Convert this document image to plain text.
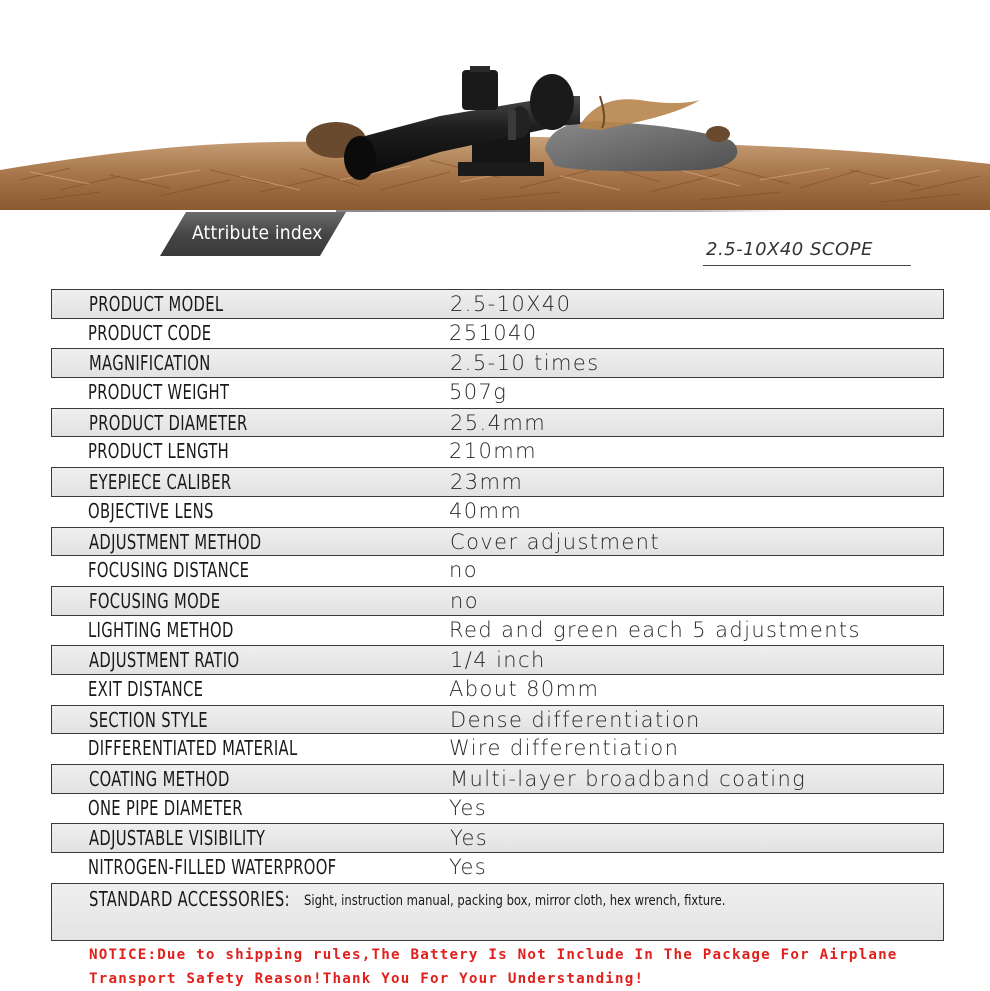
Attribute index
2.5-10X40 SCOPE
PRODUCT MODEL	2.5-10X40
PRODUCT CODE	251040
MAGNIFICATION	2.5-10 times
PRODUCT WEIGHT	507g
PRODUCT DIAMETER	25.4mm
PRODUCT LENGTH	210mm
EYEPIECE CALIBER	23mm
OBJECTIVE LENS	40mm
ADJUSTMENT METHOD	Cover adjustment
FOCUSING DISTANCE	no
FOCUSING MODE	no
LIGHTING METHOD	Red and green each 5 adjustments
ADJUSTMENT RATIO	1/4 inch
EXIT DISTANCE	About 80mm
SECTION STYLE	Dense differentiation
DIFFERENTIATED MATERIAL	Wire differentiation
COATING METHOD	Multi-layer broadband coating
ONE PIPE DIAMETER	Yes
ADJUSTABLE VISIBILITY	Yes
NITROGEN-FILLED WATERPROOF	Yes
STANDARD ACCESSORIES: Sight, instruction manual, packing box, mirror cloth, hex wrench, fixture.
NOTICE:Due to shipping rules,The Battery Is Not Include In The Package For Airplane
Transport Safety Reason!Thank You For Your Understanding!
